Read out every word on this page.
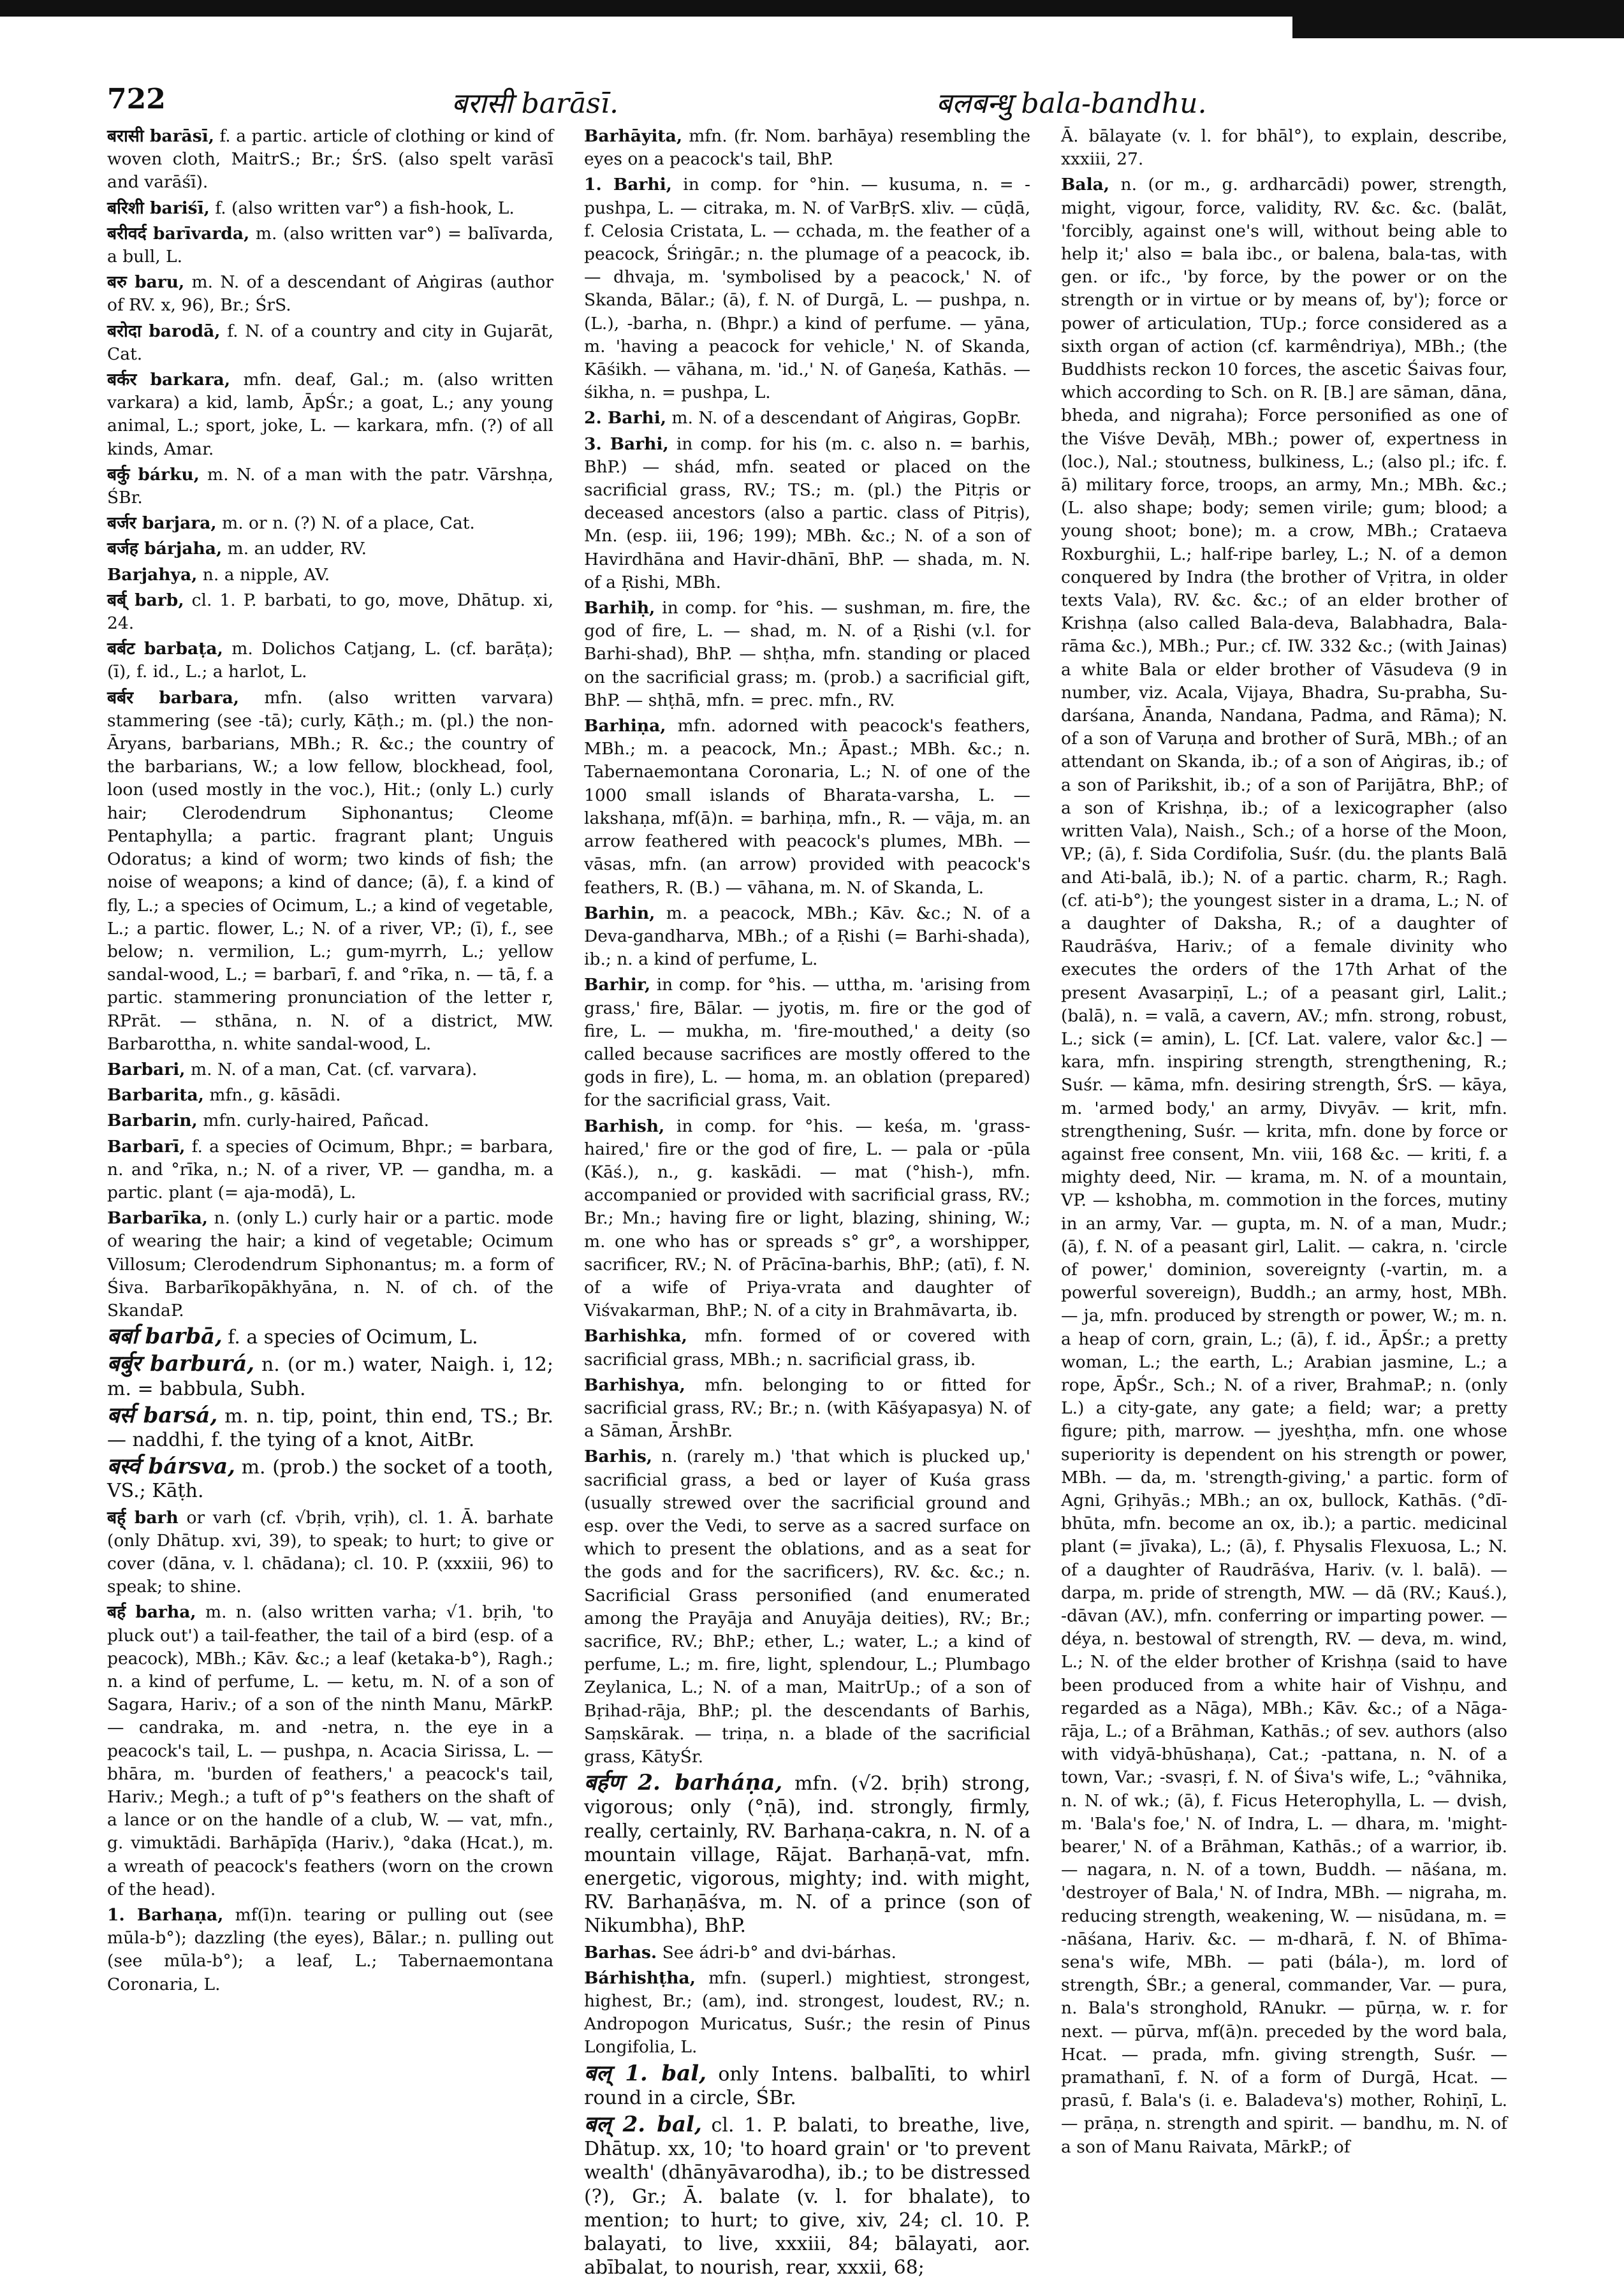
722	बरासी barāsī.	बलबन्धु bala-bandhu.

बरासी barāsī, f. a partic. article of clothing or kind of woven cloth, MaitrS.; Br.; ŚrS. (also spelt varāsī and varāśī).

बरिशी bariśī, f. (also written var°) a fish-hook, L.

बरीवर्द barīvarda, m. (also written var°) = balīvarda, a bull, L.

बरु baru, m. N. of a descendant of Aṅgiras (author of RV. x, 96), Br.; ŚrS.

बरोदा barodā, f. N. of a country and city in Gujarāt, Cat.

बर्कर barkara, mfn. deaf, Gal.; m. (also written varkara) a kid, lamb, ĀpŚr.; a goat, L.; any young animal, L.; sport, joke, L. — karkara, mfn. (?) of all kinds, Amar.

बर्कु bárku, m. N. of a man with the patr. Vārshṇa, ŚBr.

बर्जर barjara, m. or n. (?) N. of a place, Cat.

बर्जह bárjaha, m. an udder, RV.

Barjahya, n. a nipple, AV.

बर्ब् barb, cl. 1. P. barbati, to go, move, Dhātup. xi, 24.

बर्बट barbaṭa, m. Dolichos Catjang, L. (cf. barāṭa); (ī), f. id., L.; a harlot, L.

बर्बर barbara, mfn. (also written varvara) stammering (see -tā); curly, Kāṭh.; m. (pl.) the non-Āryans, barbarians, MBh.; R. &c.; the country of the barbarians, W.; a low fellow, blockhead, fool, loon (used mostly in the voc.), Hit.; (only L.) curly hair; Clerodendrum Siphonantus; Cleome Pentaphylla; a partic. fragrant plant; Unguis Odoratus; a kind of worm; two kinds of fish; the noise of weapons; a kind of dance; (ā), f. a kind of fly, L.; a species of Ocimum, L.; a kind of vegetable, L.; a partic. flower, L.; N. of a river, VP.; (ī), f., see below; n. vermilion, L.; gum-myrrh, L.; yellow sandal-wood, L.; = barbarī, f. and °rīka, n. — tā, f. a partic. stammering pronunciation of the letter r, RPrāt. — sthāna, n. N. of a district, MW. Barbarottha, n. white sandal-wood, L.

Barbari, m. N. of a man, Cat. (cf. varvara).

Barbarita, mfn., g. kāsādi.

Barbarin, mfn. curly-haired, Pañcad.

Barbarī, f. a species of Ocimum, Bhpr.; = barbara, n. and °rīka, n.; N. of a river, VP. — gandha, m. a partic. plant (= aja-modā), L.

Barbarīka, n. (only L.) curly hair or a partic. mode of wearing the hair; a kind of vegetable; Ocimum Villosum; Clerodendrum Siphonantus; m. a form of Śiva. Barbarīkopākhyāna, n. N. of ch. of the SkandaP.

बर्बा barbā, f. a species of Ocimum, L.

बर्बुर barburá, n. (or m.) water, Naigh. i, 12; m. = babbula, Subh.

बर्स barsá, m. n. tip, point, thin end, TS.; Br. — naddhi, f. the tying of a knot, AitBr.

बर्स्व bársva, m. (prob.) the socket of a tooth, VS.; Kāṭh.

बर्ह् barh or varh (cf. √bṛih, vṛih), cl. 1. Ā. barhate (only Dhātup. xvi, 39), to speak; to hurt; to give or cover (dāna, v. l. chādana); cl. 10. P. (xxxiii, 96) to speak; to shine.

बर्ह barha, m. n. (also written varha; √1. bṛih, 'to pluck out') a tail-feather, the tail of a bird (esp. of a peacock), MBh.; Kāv. &c.; a leaf (ketaka-b°), Ragh.; n. a kind of perfume, L. — ketu, m. N. of a son of Sagara, Hariv.; of a son of the ninth Manu, MārkP. — candraka, m. and -netra, n. the eye in a peacock's tail, L. — pushpa, n. Acacia Sirissa, L. — bhāra, m. 'burden of feathers,' a peacock's tail, Hariv.; Megh.; a tuft of p°'s feathers on the shaft of a lance or on the handle of a club, W. — vat, mfn., g. vimuktādi. Barhāpīḍa (Hariv.), °daka (Hcat.), m. a wreath of peacock's feathers (worn on the crown of the head).

1. Barhaṇa, mf(ī)n. tearing or pulling out (see mūla-b°); dazzling (the eyes), Bālar.; n. pulling out (see mūla-b°); a leaf, L.; Tabernaemontana Coronaria, L.

Barhāyita, mfn. (fr. Nom. barhāya) resembling the eyes on a peacock's tail, BhP.

1. Barhi, in comp. for °hin. — kusuma, n. = -pushpa, L. — citraka, m. N. of VarBṛS. xliv. — cūḍā, f. Celosia Cristata, L. — cchada, m. the feather of a peacock, Śriṅgār.; n. the plumage of a peacock, ib. — dhvaja, m. 'symbolised by a peacock,' N. of Skanda, Bālar.; (ā), f. N. of Durgā, L. — pushpa, n. (L.), -barha, n. (Bhpr.) a kind of perfume. — yāna, m. 'having a peacock for vehicle,' N. of Skanda, Kāśikh. — vāhana, m. 'id.,' N. of Gaṇeśa, Kathās. — śikha, n. = pushpa, L.

2. Barhi, m. N. of a descendant of Aṅgiras, GopBr.

3. Barhi, in comp. for his (m. c. also n. = barhis, BhP.) — shád, mfn. seated or placed on the sacrificial grass, RV.; TS.; m. (pl.) the Pitṛis or deceased ancestors (also a partic. class of Pitṛis), Mn. (esp. iii, 196; 199); MBh. &c.; N. of a son of Havirdhāna and Havir-dhānī, BhP. — shada, m. N. of a Ṛishi, MBh.

Barhiḥ, in comp. for °his. — sushman, m. fire, the god of fire, L. — shad, m. N. of a Ṛishi (v.l. for Barhi-shad), BhP. — shṭha, mfn. standing or placed on the sacrificial grass; m. (prob.) a sacrificial gift, BhP. — shṭhā, mfn. = prec. mfn., RV.

Barhiṇa, mfn. adorned with peacock's feathers, MBh.; m. a peacock, Mn.; Āpast.; MBh. &c.; n. Tabernaemontana Coronaria, L.; N. of one of the 1000 small islands of Bharata-varsha, L. — lakshaṇa, mf(ā)n. = barhiṇa, mfn., R. — vāja, m. an arrow feathered with peacock's plumes, MBh. — vāsas, mfn. (an arrow) provided with peacock's feathers, R. (B.) — vāhana, m. N. of Skanda, L.

Barhin, m. a peacock, MBh.; Kāv. &c.; N. of a Deva-gandharva, MBh.; of a Ṛishi (= Barhi-shada), ib.; n. a kind of perfume, L.

Barhir, in comp. for °his. — uttha, m. 'arising from grass,' fire, Bālar. — jyotis, m. fire or the god of fire, L. — mukha, m. 'fire-mouthed,' a deity (so called because sacrifices are mostly offered to the gods in fire), L. — homa, m. an oblation (prepared) for the sacrificial grass, Vait.

Barhish, in comp. for °his. — keśa, m. 'grass-haired,' fire or the god of fire, L. — pala or -pūla (Kāś.), n., g. kaskādi. — mat (°hish-), mfn. accompanied or provided with sacrificial grass, RV.; Br.; Mn.; having fire or light, blazing, shining, W.; m. one who has or spreads s° gr°, a worshipper, sacrificer, RV.; N. of Prācīna-barhis, BhP.; (atī), f. N. of a wife of Priya-vrata and daughter of Viśvakarman, BhP.; N. of a city in Brahmāvarta, ib.

Barhishka, mfn. formed of or covered with sacrificial grass, MBh.; n. sacrificial grass, ib.

Barhishya, mfn. belonging to or fitted for sacrificial grass, RV.; Br.; n. (with Kāśyapasya) N. of a Sāman, ĀrshBr.

Barhis, n. (rarely m.) 'that which is plucked up,' sacrificial grass, a bed or layer of Kuśa grass (usually strewed over the sacrificial ground and esp. over the Vedi, to serve as a sacred surface on which to present the oblations, and as a seat for the gods and for the sacrificers), RV. &c. &c.; n. Sacrificial Grass personified (and enumerated among the Prayāja and Anuyāja deities), RV.; Br.; sacrifice, RV.; BhP.; ether, L.; water, L.; a kind of perfume, L.; m. fire, light, splendour, L.; Plumbago Zeylanica, L.; N. of a man, MaitrUp.; of a son of Bṛihad-rāja, BhP.; pl. the descendants of Barhis, Saṃskārak. — triṇa, n. a blade of the sacrificial grass, KātyŚr.

बर्हण 2. barháṇa, mfn. (√2. bṛih) strong, vigorous; only (°ṇā), ind. strongly, firmly, really, certainly, RV. Barhaṇa-cakra, n. N. of a mountain village, Rājat. Barhaṇā-vat, mfn. energetic, vigorous, mighty; ind. with might, RV. Barhaṇāśva, m. N. of a prince (son of Nikumbha), BhP.

Barhas. See ádri-b° and dvi-bárhas.

Bárhishṭha, mfn. (superl.) mightiest, strongest, highest, Br.; (am), ind. strongest, loudest, RV.; n. Andropogon Muricatus, Suśr.; the resin of Pinus Longifolia, L.

बल् 1. bal, only Intens. balbalīti, to whirl round in a circle, ŚBr.

बल् 2. bal, cl. 1. P. balati, to breathe, live, Dhātup. xx, 10; 'to hoard grain' or 'to prevent wealth' (dhānyāvarodha), ib.; to be distressed (?), Gr.; Ā. balate (v. l. for bhalate), to mention; to hurt; to give, xiv, 24; cl. 10. P. balayati, to live, xxxiii, 84; bālayati, aor. abībalat, to nourish, rear, xxxii, 68;

Ā. bālayate (v. l. for bhāl°), to explain, describe, xxxiii, 27.

Bala, n. (or m., g. ardharcādi) power, strength, might, vigour, force, validity, RV. &c. &c. (balāt, 'forcibly, against one's will, without being able to help it;' also = bala ibc., or balena, bala-tas, with gen. or ifc., 'by force, by the power or on the strength or in virtue or by means of, by'); force or power of articulation, TUp.; force considered as a sixth organ of action (cf. karmêndriya), MBh.; (the Buddhists reckon 10 forces, the ascetic Śaivas four, which according to Sch. on R. [B.] are sāman, dāna, bheda, and nigraha); Force personified as one of the Viśve Devāḥ, MBh.; power of, expertness in (loc.), Nal.; stoutness, bulkiness, L.; (also pl.; ifc. f. ā) military force, troops, an army, Mn.; MBh. &c.; (L. also shape; body; semen virile; gum; blood; a young shoot; bone); m. a crow, MBh.; Crataeva Roxburghii, L.; half-ripe barley, L.; N. of a demon conquered by Indra (the brother of Vṛitra, in older texts Vala), RV. &c. &c.; of an elder brother of Krishṇa (also called Bala-deva, Balabhadra, Bala-rāma &c.), MBh.; Pur.; cf. IW. 332 &c.; (with Jainas) a white Bala or elder brother of Vāsudeva (9 in number, viz. Acala, Vijaya, Bhadra, Su-prabha, Su-darśana, Ānanda, Nandana, Padma, and Rāma); N. of a son of Varuṇa and brother of Surā, MBh.; of an attendant on Skanda, ib.; of a son of Aṅgiras, ib.; of a son of Parikshit, ib.; of a son of Parijātra, BhP.; of a son of Krishṇa, ib.; of a lexicographer (also written Vala), Naish., Sch.; of a horse of the Moon, VP.; (ā), f. Sida Cordifolia, Suśr. (du. the plants Balā and Ati-balā, ib.); N. of a partic. charm, R.; Ragh. (cf. ati-b°); the youngest sister in a drama, L.; N. of a daughter of Daksha, R.; of a daughter of Raudrāśva, Hariv.; of a female divinity who executes the orders of the 17th Arhat of the present Avasarpiṇī, L.; of a peasant girl, Lalit.; (balā), n. = valā, a cavern, AV.; mfn. strong, robust, L.; sick (= amin), L. [Cf. Lat. valere, valor &c.] — kara, mfn. inspiring strength, strengthening, R.; Suśr. — kāma, mfn. desiring strength, ŚrS. — kāya, m. 'armed body,' an army, Divyāv. — krit, mfn. strengthening, Suśr. — krita, mfn. done by force or against free consent, Mn. viii, 168 &c. — kriti, f. a mighty deed, Nir. — krama, m. N. of a mountain, VP. — kshobha, m. commotion in the forces, mutiny in an army, Var. — gupta, m. N. of a man, Mudr.; (ā), f. N. of a peasant girl, Lalit. — cakra, n. 'circle of power,' dominion, sovereignty (-vartin, m. a powerful sovereign), Buddh.; an army, host, MBh. — ja, mfn. produced by strength or power, W.; m. n. a heap of corn, grain, L.; (ā), f. id., ĀpŚr.; a pretty woman, L.; the earth, L.; Arabian jasmine, L.; a rope, ĀpŚr., Sch.; N. of a river, BrahmaP.; n. (only L.) a city-gate, any gate; a field; war; a pretty figure; pith, marrow. — jyeshṭha, mfn. one whose superiority is dependent on his strength or power, MBh. — da, m. 'strength-giving,' a partic. form of Agni, Gṛihyās.; MBh.; an ox, bullock, Kathās. (°dī-bhūta, mfn. become an ox, ib.); a partic. medicinal plant (= jīvaka), L.; (ā), f. Physalis Flexuosa, L.; N. of a daughter of Raudrāśva, Hariv. (v. l. balā). — darpa, m. pride of strength, MW. — dā (RV.; Kauś.), -dāvan (AV.), mfn. conferring or imparting power. — déya, n. bestowal of strength, RV. — deva, m. wind, L.; N. of the elder brother of Krishṇa (said to have been produced from a white hair of Vishṇu, and regarded as a Nāga), MBh.; Kāv. &c.; of a Nāga-rāja, L.; of a Brāhman, Kathās.; of sev. authors (also with vidyā-bhūshaṇa), Cat.; -pattana, n. N. of a town, Var.; -svasṛi, f. N. of Śiva's wife, L.; °vāhnika, n. N. of wk.; (ā), f. Ficus Heterophylla, L. — dvish, m. 'Bala's foe,' N. of Indra, L. — dhara, m. 'might-bearer,' N. of a Brāhman, Kathās.; of a warrior, ib. — nagara, n. N. of a town, Buddh. — nāśana, m. 'destroyer of Bala,' N. of Indra, MBh. — nigraha, m. reducing strength, weakening, W. — nisūdana, m. = -nāśana, Hariv. &c. — m-dharā, f. N. of Bhīma-sena's wife, MBh. — pati (bála-), m. lord of strength, ŚBr.; a general, commander, Var. — pura, n. Bala's stronghold, RAnukr. — pūrṇa, w. r. for next. — pūrva, mf(ā)n. preceded by the word bala, Hcat. — prada, mfn. giving strength, Suśr. — pramathanī, f. N. of a form of Durgā, Hcat. — prasū, f. Bala's (i. e. Baladeva's) mother, Rohiṇī, L. — prāṇa, n. strength and spirit. — bandhu, m. N. of a son of Manu Raivata, MārkP.; of
